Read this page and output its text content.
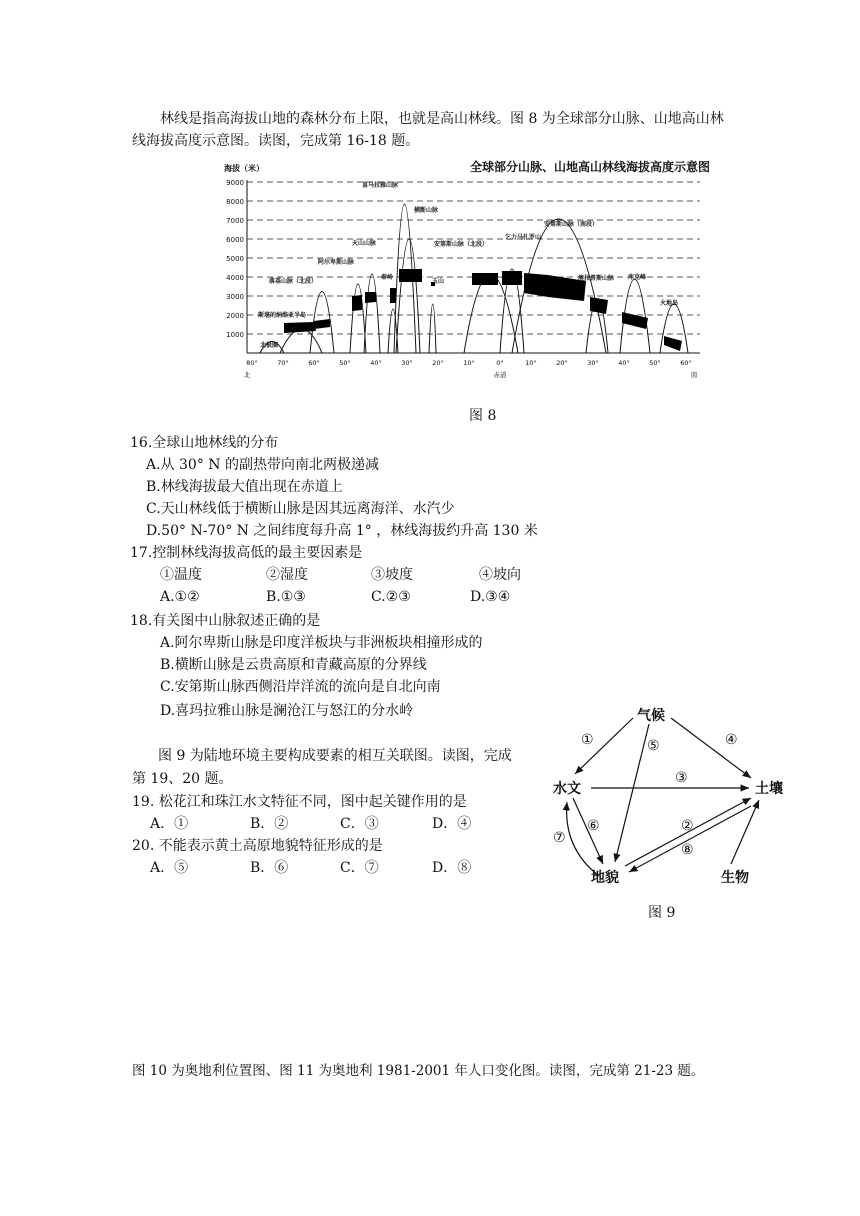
林线是指高海拔山地的森林分布上限，也就是高山林线。图 8 为全球部分山脉、山地高山林线海拔高度示意图。读图，完成第 16-18 题。
全球部分山脉、山地高山林线海拔高度示意图
海拔（米）
9000
8000
7000
6000
5000
4000
3000
2000
1000
80°	70°	60°	50°	40°	30°	20°	10°	0°	10°	20°	30°	40°	50°	60°
北	赤道	南
喜马拉雅山脉
横断山脉
天山山脉
阿尔卑斯山脉
安第斯山脉（北段）
乞力马扎罗山
安第斯山脉（南段）
落基山脉（北段）
斯堪的纳维亚半岛
北极圈
秦岭
玉山	澳拉普斯山脉 库克峰
火地岛
图 8
16.全球山地林线的分布
A.从 30° N 的副热带向南北两极递减
B.林线海拔最大值出现在赤道上
C.天山林线低于横断山脉是因其远离海洋、水汽少
D.50° N-70° N 之间纬度每升高 1° ，林线海拔约升高 130 米
17.控制林线海拔高低的最主要因素是
①温度	②湿度	③坡度	④坡向
A.①②	B.①③	C.②③	D.③④
18.有关图中山脉叙述正确的是
A.阿尔卑斯山脉是印度洋板块与非洲板块相撞形成的
B.横断山脉是云贵高原和青藏高原的分界线
C.安第斯山脉西侧沿岸洋流的流向是自北向南
D.喜玛拉雅山脉是澜沧江与怒江的分水岭
图 9 为陆地环境主要构成要素的相互关联图。读图，完成
第 19、20 题。
19. 松花江和珠江水文特征不同，图中起关键作用的是
A．①	B．②	C．③	D．④
20. 不能表示黄土高原地貌特征形成的是
A．⑤	B．⑥	C．⑦	D．⑧
气候
水文	土壤
地貌	生物
①	⑤	④
③
②
⑥
⑦
⑧
图 9
图 10 为奥地利位置图、图 11 为奥地利 1981-2001 年人口变化图。读图，完成第 21-23 题。
